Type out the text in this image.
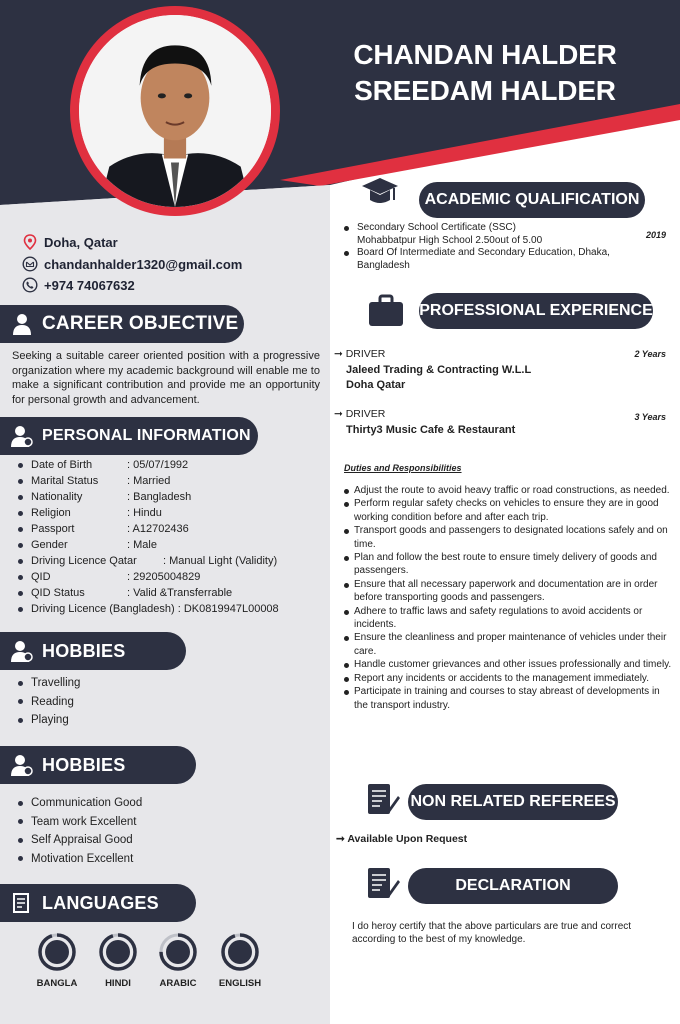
CHANDAN HALDER
SREEDAM HALDER
Doha, Qatar
chandanhalder1320@gmail.com
+974 74067632
CAREER OBJECTIVE
Seeking a suitable career oriented position with a progressive organization where my academic background will enable me to make a significant contribution and provide me an opportunity for personal growth and advancement.
PERSONAL INFORMATION
Date of Birth	: 05/07/1992
Marital Status	: Married
Nationality	: Bangladesh
Religion	: Hindu
Passport	: A12702436
Gender	: Male
Driving Licence Qatar	: Manual Light (Validity)
QID	: 29205004829
QID Status	: Valid &Transferrable
Driving Licence (Bangladesh) : DK0819947L00008
HOBBIES
Travelling
Reading
Playing
HOBBIES
Communication Good
Team work Excellent
Self Appraisal Good
Motivation Excellent
LANGUAGES
BANGLA	HINDI	ARABIC	ENGLISH
ACADEMIC QUALIFICATION
2019
Secondary School Certificate (SSC) Mohabbatpur High School 2.50out of 5.00
Board Of Intermediate and Secondary Education, Dhaka, Bangladesh
PROFESSIONAL EXPERIENCE
➞ DRIVER
Jaleed Trading & Contracting W.L.L
Doha Qatar
2 Years
➞ DRIVER
Thirty3 Music Cafe & Restaurant
3 Years
Duties and Responsibilities
Adjust the route to avoid heavy traffic or road constructions, as needed.
Perform regular safety checks on vehicles to ensure they are in good working condition before and after each trip.
Transport goods and passengers to designated locations safely and on time.
Plan and follow the best route to ensure timely delivery of goods and passengers.
Ensure that all necessary paperwork and documentation are in order before transporting goods and passengers.
Adhere to traffic laws and safety regulations to avoid accidents or incidents.
Ensure the cleanliness and proper maintenance of vehicles under their care.
Handle customer grievances and other issues professionally and timely.
Report any incidents or accidents to the management immediately.
Participate in training and courses to stay abreast of developments in the transport industry.
NON RELATED REFEREES
➞ Available Upon Request
DECLARATION
I do heroy certify that the above particulars are true and correct according to the best of my knowledge.
